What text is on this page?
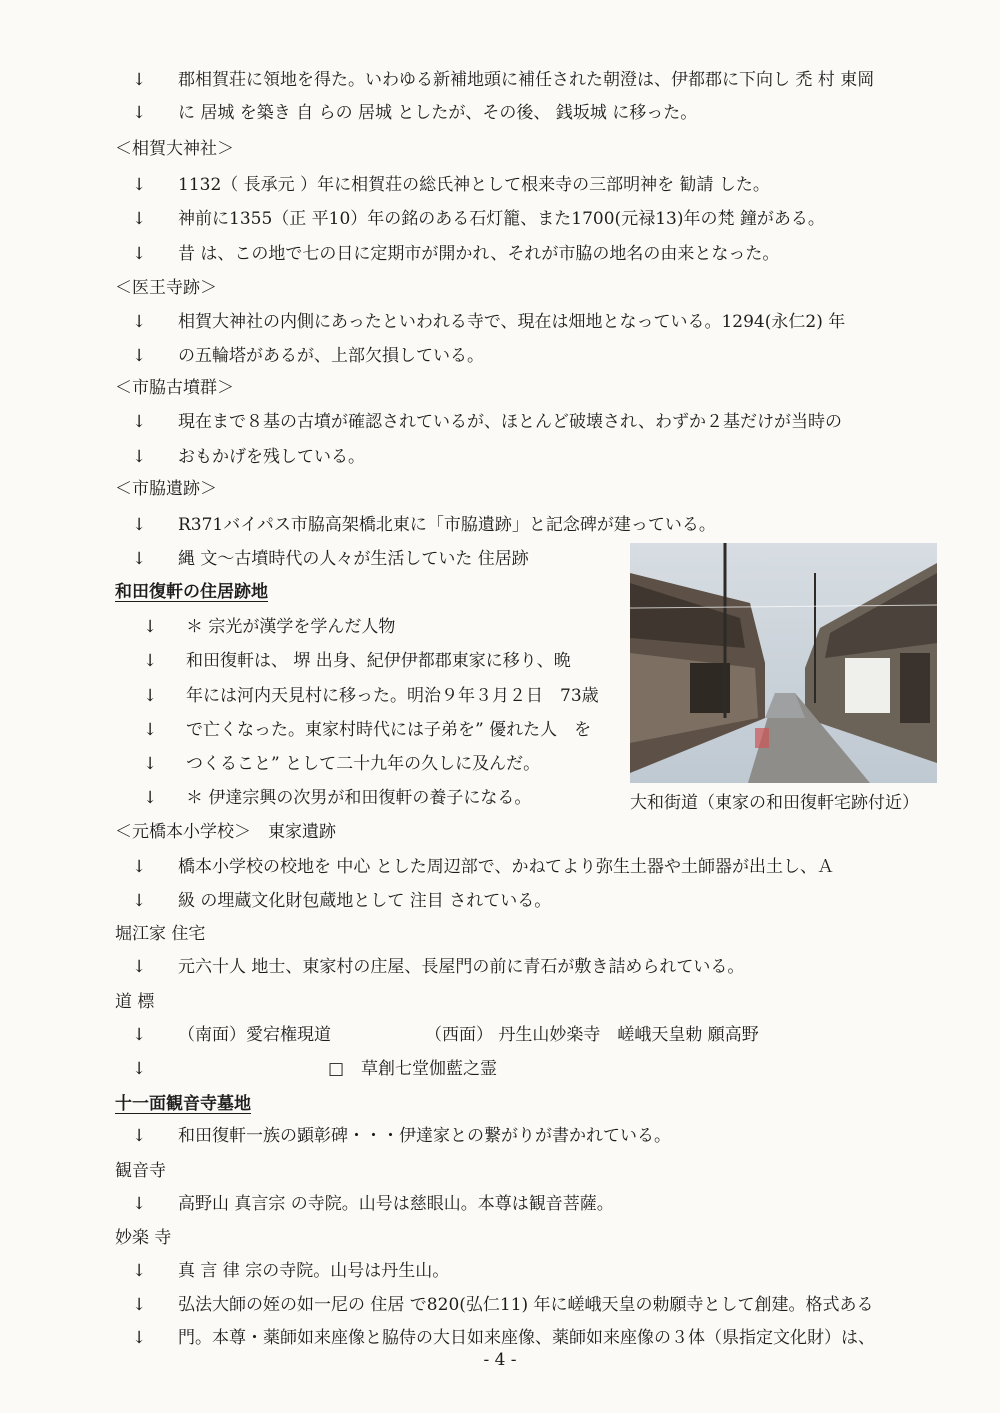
↓ 郡相賀荘に領地を得た。いわゆる新補地頭に補任された朝澄は、伊都郡に下向し 禿 村 東岡
↓ に 居城 を築き 自 らの 居城 としたが、その後、 銭坂城 に移った。
＜相賀大神社＞
↓ 1132（ 長承元 ）年に相賀荘の総氏神として根来寺の三部明神を 勧請 した。
↓ 神前に1355（正 平10）年の銘のある石灯籠、また1700(元禄13)年の梵 鐘がある。
↓ 昔 は、この地で七の日に定期市が開かれ、それが市脇の地名の由来となった。
＜医王寺跡＞
↓ 相賀大神社の内側にあったといわれる寺で、現在は畑地となっている。1294(永仁2) 年
↓ の五輪塔があるが、上部欠損している。
＜市脇古墳群＞
↓ 現在まで８基の古墳が確認されているが、ほとんど破壊され、わずか２基だけが当時の
↓ おもかげを残している。
＜市脇遺跡＞
↓ R371バイパス市脇高架橋北東に「市脇遺跡」と記念碑が建っている。
↓ 縄 文～古墳時代の人々が生活していた 住居跡
和田復軒の住居跡地
↓ ＊ 宗光が漢学を学んだ人物
↓ 和田復軒は、 堺 出身、紀伊伊都郡東家に移り、晩
↓ 年には河内天見村に移った。明治９年３月２日　73歳
↓ で亡くなった。東家村時代には子弟を” 優れた人　を
↓ つくること” として二十九年の久しに及んだ。
↓ ＊ 伊達宗興の次男が和田復軒の養子になる。
＜元橋本小学校＞　東家遺跡
↓ 橋本小学校の校地を 中心 とした周辺部で、かねてより弥生土器や土師器が出土し、Ａ
↓ 級 の埋蔵文化財包蔵地として 注目 されている。
堀江家 住宅
↓ 元六十人 地士、東家村の庄屋、長屋門の前に青石が敷き詰められている。
道 標
↓ （南面）愛宕権現道	（西面） 丹生山妙楽寺　嵯峨天皇勅 願高野
↓	□　草創七堂伽藍之霊
十一面観音寺墓地
↓ 和田復軒一族の顕彰碑・・・伊達家との繋がりが書かれている。
観音寺
↓ 高野山 真言宗 の寺院。山号は慈眼山。本尊は観音菩薩。
妙楽 寺
↓ 真 言 律 宗の寺院。山号は丹生山。
↓ 弘法大師の姪の如一尼の 住居 で820(弘仁11) 年に嵯峨天皇の勅願寺として創建。格式ある
↓ 門。本尊・薬師如来座像と脇侍の大日如来座像、薬師如来座像の３体（県指定文化財）は、
大和街道（東家の和田復軒宅跡付近）
- 4 -
